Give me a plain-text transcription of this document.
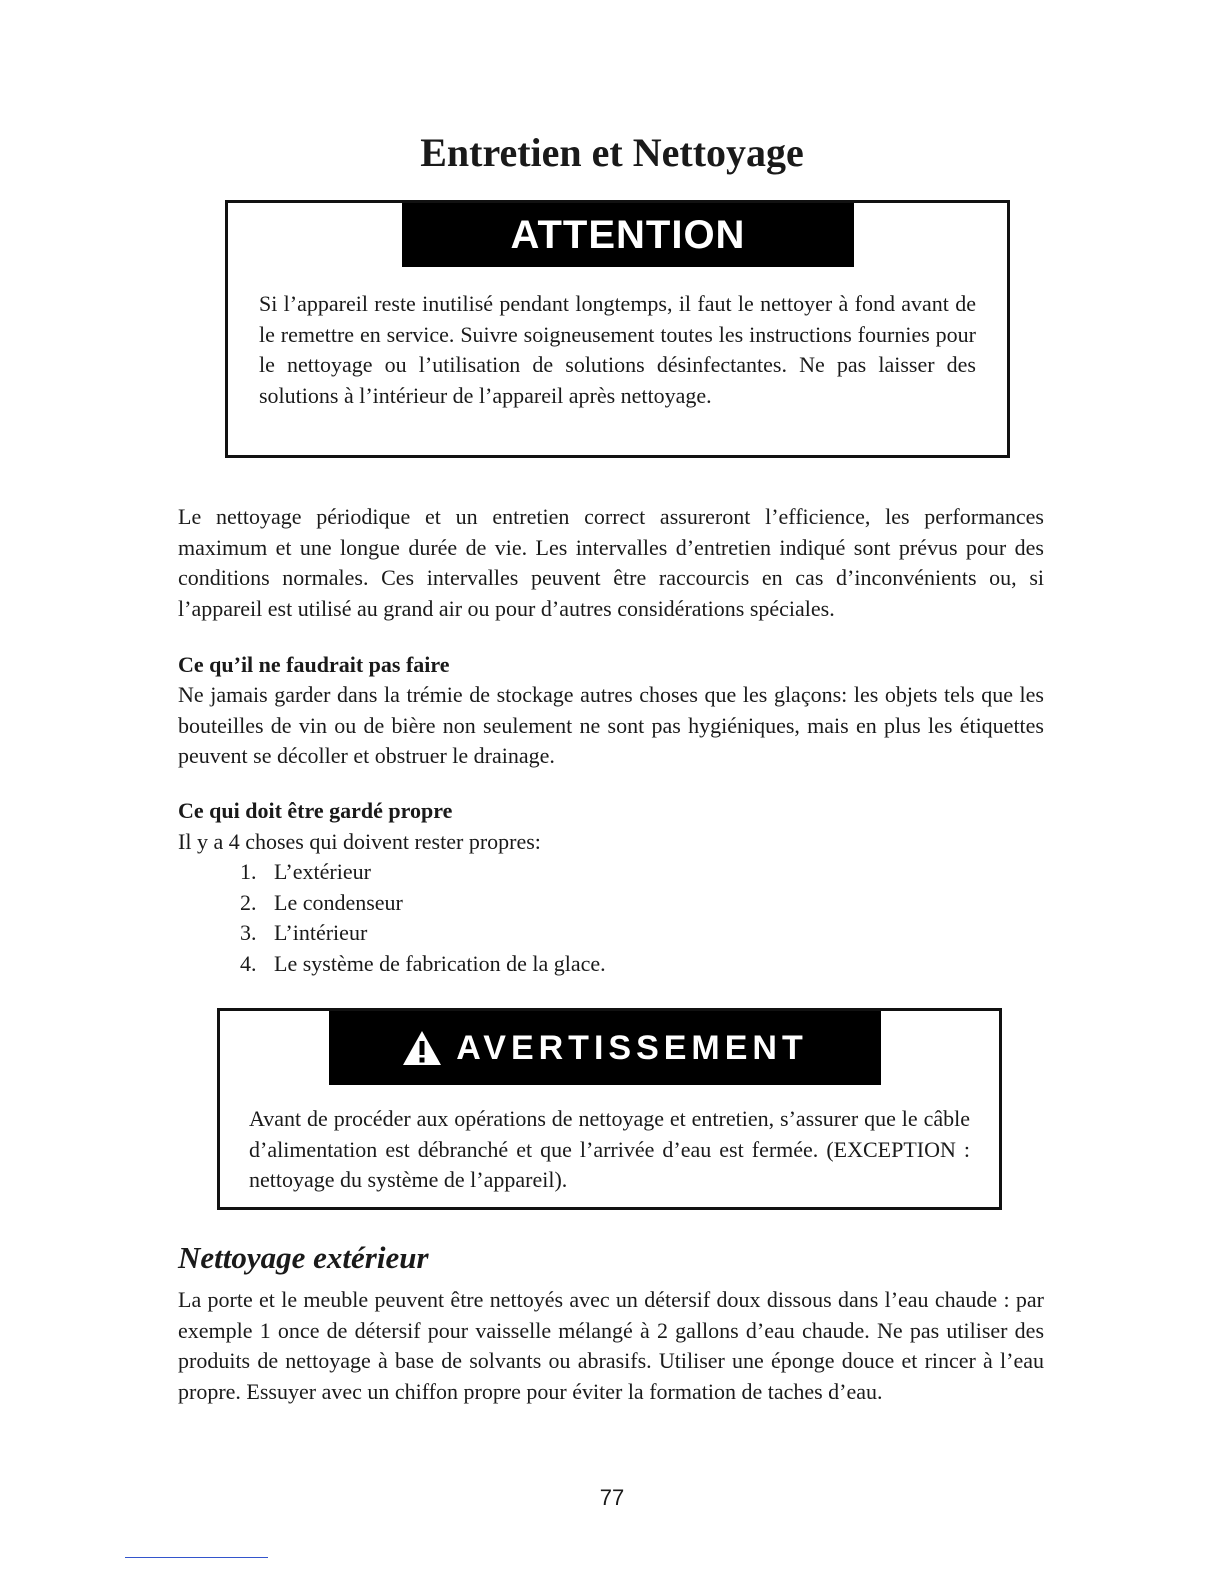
Entretien et Nettoyage
ATTENTION

Si l’appareil reste inutilisé pendant longtemps, il faut le nettoyer à fond avant de le remettre en service. Suivre soigneusement toutes les instructions fournies pour le nettoyage ou l’utilisation de solutions désinfectantes. Ne pas laisser des solutions à l’intérieur de l’appareil après nettoyage.

Le nettoyage périodique et un entretien correct assureront l’efficience, les performances maximum et une longue durée de vie. Les intervalles d’entretien indiqué sont prévus pour des conditions normales. Ces intervalles peuvent être raccourcis en cas d’inconvénients ou, si l’appareil est utilisé au grand air ou pour d’autres considérations spéciales.

Ce qu’il ne faudrait pas faire

Ne jamais garder dans la trémie de stockage autres choses que les glaçons: les objets tels que les bouteilles de vin ou de bière non seulement ne sont pas hygiéniques, mais en plus les étiquettes peuvent se décoller et obstruer le drainage.

Ce qui doit être gardé propre

Il y a 4 choses qui doivent rester propres:

1. L’extérieur
2. Le condenseur
3. L’intérieur
4. Le système de fabrication de la glace.
AVERTISSEMENT

Avant de procéder aux opérations de nettoyage et entretien, s’assurer que le câble d’alimentation est débranché et que l’arrivée d’eau est fermée. (EXCEPTION : nettoyage du système de l’appareil).

Nettoyage extérieur

La porte et le meuble peuvent être nettoyés avec un détersif doux dissous dans l’eau chaude : par exemple 1 once de détersif pour vaisselle mélangé à 2 gallons d’eau chaude. Ne pas utiliser des produits de nettoyage à base de solvants ou abrasifs. Utiliser une éponge douce et rincer à l’eau propre. Essuyer avec un chiffon propre pour éviter la formation de taches d’eau.

77
